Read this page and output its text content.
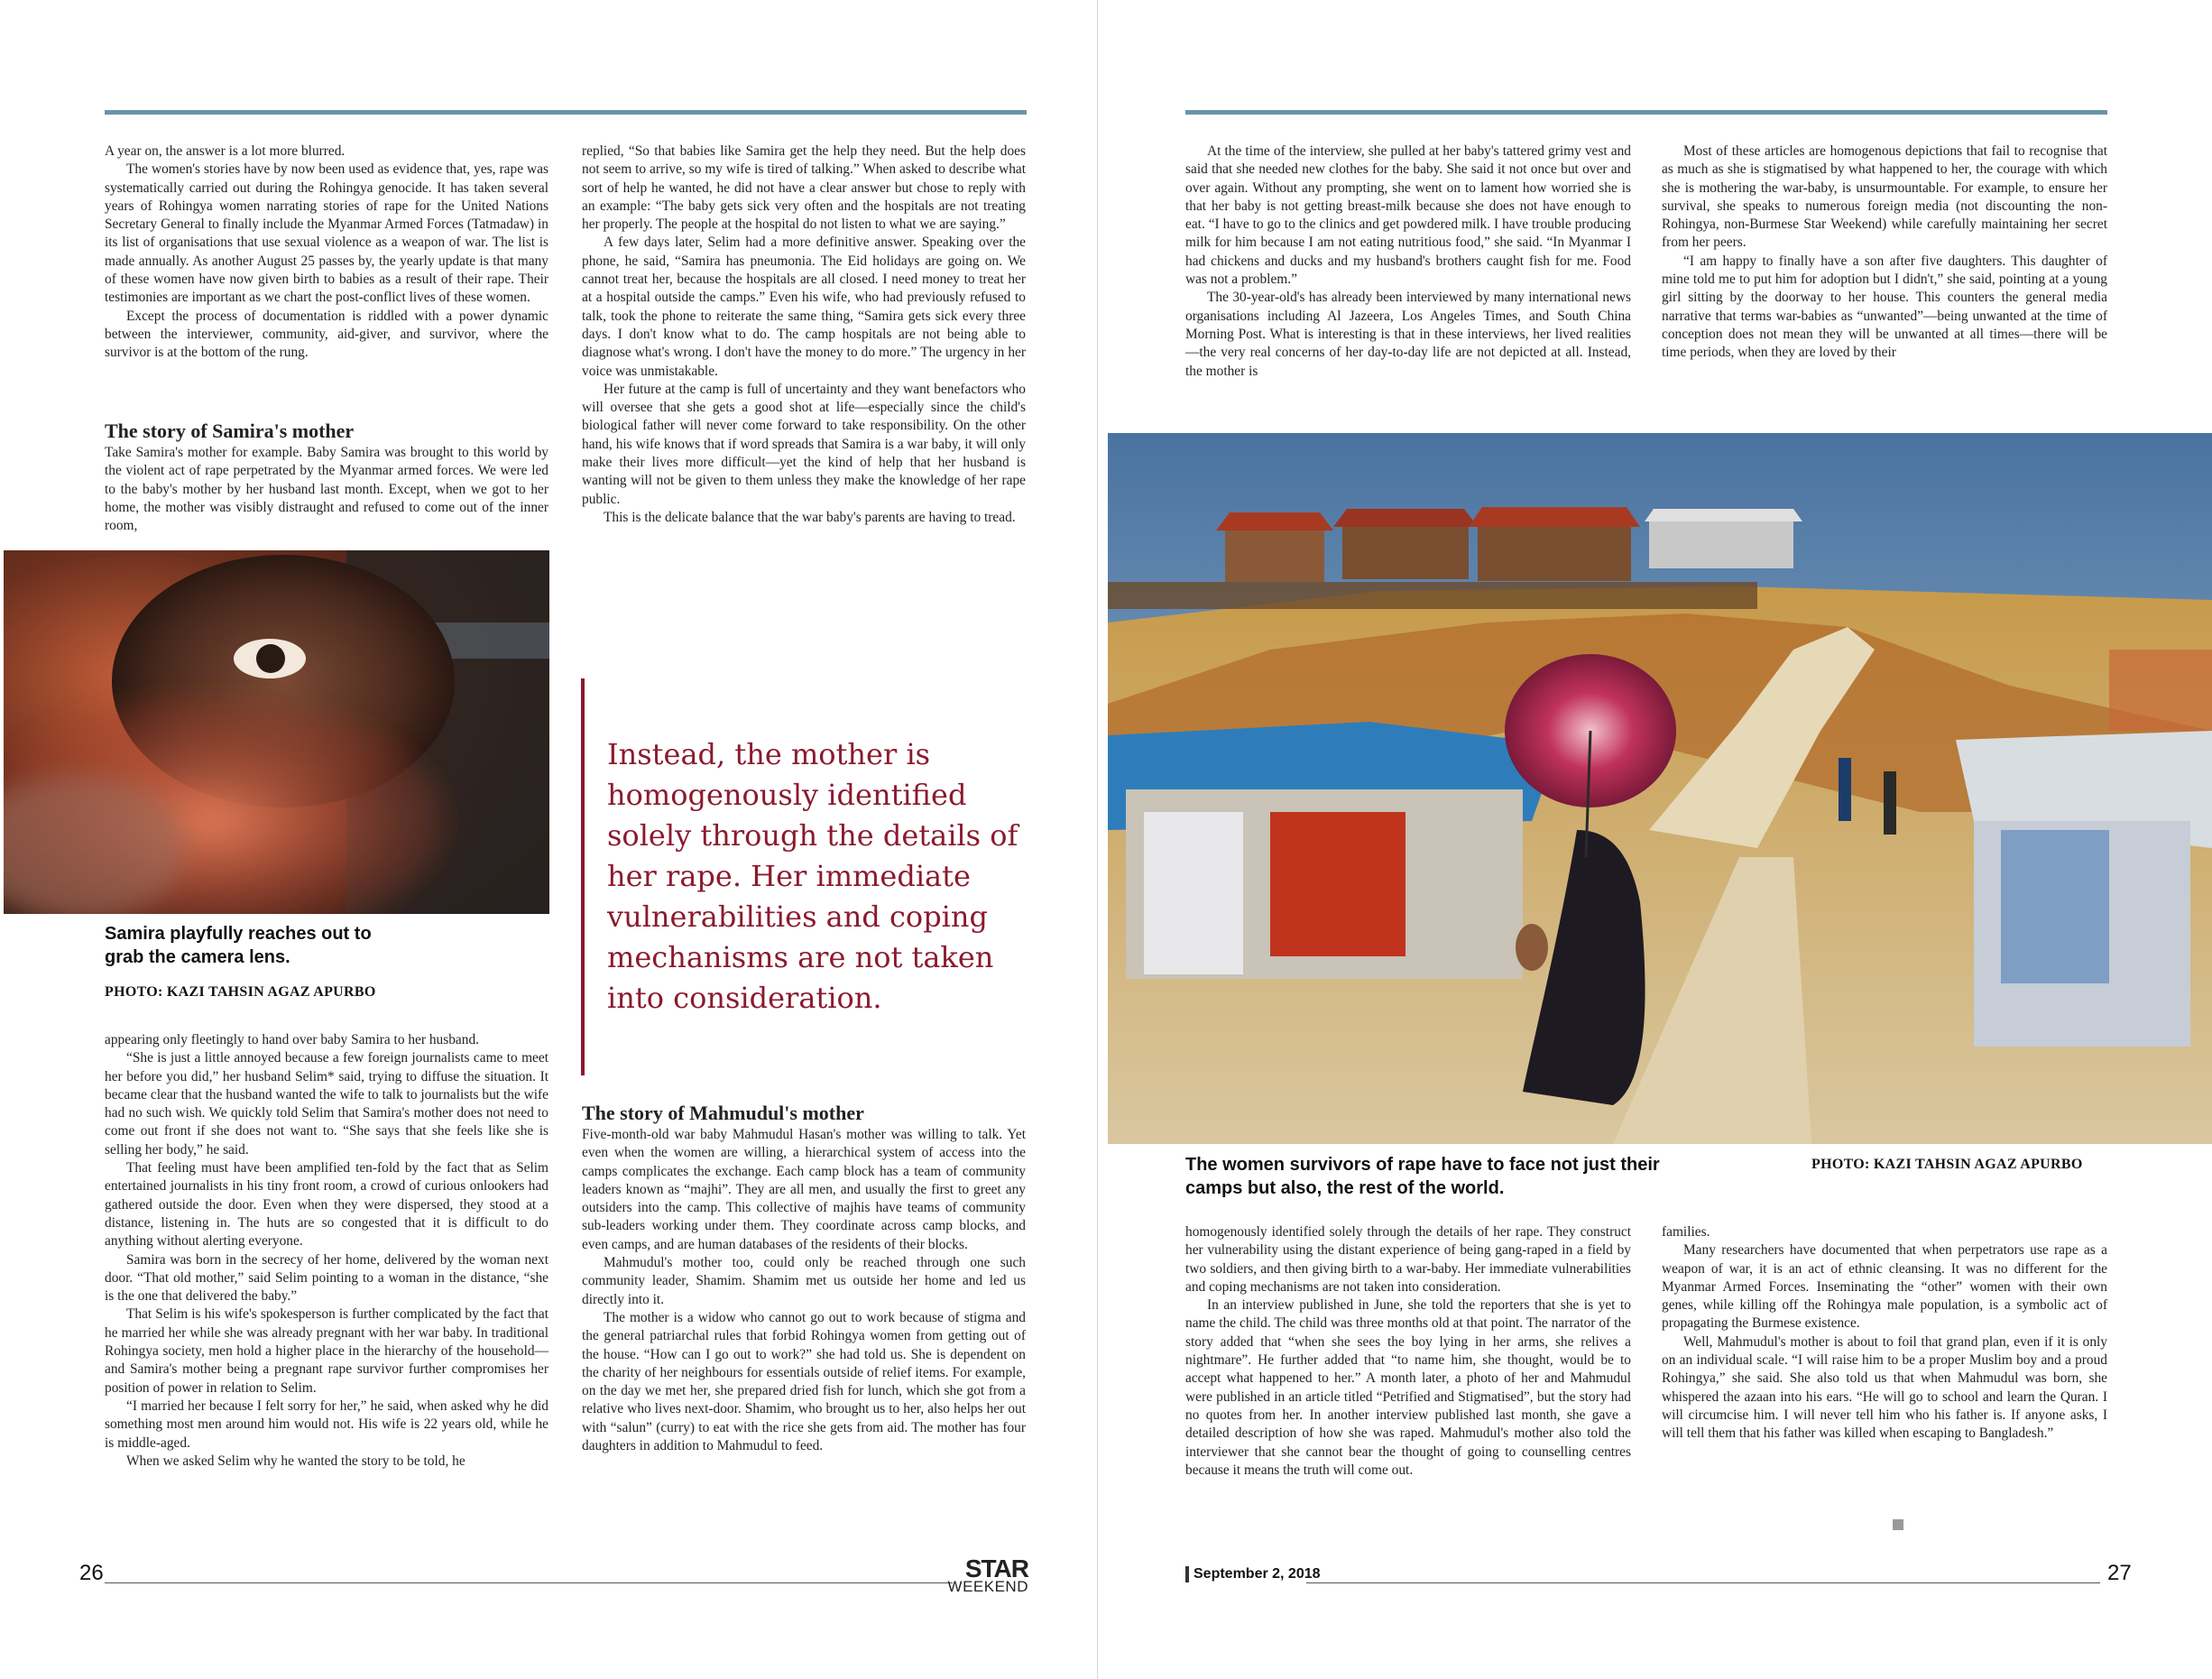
A year on, the answer is a lot more blurred.

The women's stories have by now been used as evidence that, yes, rape was systematically carried out during the Rohingya genocide. It has taken several years of Rohingya women narrating stories of rape for the United Nations Secretary General to finally include the Myanmar Armed Forces (Tatmadaw) in its list of organisations that use sexual violence as a weapon of war. The list is made annually. As another August 25 passes by, the yearly update is that many of these women have now given birth to babies as a result of their rape. Their testimonies are important as we chart the post-conflict lives of these women.

Except the process of documentation is riddled with a power dynamic between the interviewer, community, aid-giver, and survivor, where the survivor is at the bottom of the rung.

The story of Samira's mother

Take Samira's mother for example. Baby Samira was brought to this world by the violent act of rape perpetrated by the Myanmar armed forces. We were led to the baby's mother by her husband last month. Except, when we got to her home, the mother was visibly distraught and refused to come out of the inner room,

Samira playfully reaches out to grab the camera lens.
PHOTO: KAZI TAHSIN AGAZ APURBO

appearing only fleetingly to hand over baby Samira to her husband.

“She is just a little annoyed because a few foreign journalists came to meet her before you did,” her husband Selim* said, trying to diffuse the situation. It became clear that the husband wanted the wife to talk to journalists but the wife had no such wish. We quickly told Selim that Samira's mother does not need to come out front if she does not want to. “She says that she feels like she is selling her body,” he said.

That feeling must have been amplified ten-fold by the fact that as Selim entertained journalists in his tiny front room, a crowd of curious onlookers had gathered outside the door. Even when they were dispersed, they stood at a distance, listening in. The huts are so congested that it is difficult to do anything without alerting everyone.

Samira was born in the secrecy of her home, delivered by the woman next door. “That old mother,” said Selim pointing to a woman in the distance, “she is the one that delivered the baby.”

That Selim is his wife's spokesperson is further complicated by the fact that he married her while she was already pregnant with her war baby. In traditional Rohingya society, men hold a higher place in the hierarchy of the household—and Samira's mother being a pregnant rape survivor further compromises her position of power in relation to Selim.

“I married her because I felt sorry for her,” he said, when asked why he did something most men around him would not. His wife is 22 years old, while he is middle-aged.

When we asked Selim why he wanted the story to be told, he

replied, “So that babies like Samira get the help they need. But the help does not seem to arrive, so my wife is tired of talking.” When asked to describe what sort of help he wanted, he did not have a clear answer but chose to reply with an example: “The baby gets sick very often and the hospitals are not treating her properly. The people at the hospital do not listen to what we are saying.”

A few days later, Selim had a more definitive answer. Speaking over the phone, he said, “Samira has pneumonia. The Eid holidays are going on. We cannot treat her, because the hospitals are all closed. I need money to treat her at a hospital outside the camps.” Even his wife, who had previously refused to talk, took the phone to reiterate the same thing, “Samira gets sick every three days. I don't know what to do. The camp hospitals are not being able to diagnose what's wrong. I don't have the money to do more.” The urgency in her voice was unmistakable.

Her future at the camp is full of uncertainty and they want benefactors who will oversee that she gets a good shot at life—especially since the child's biological father will never come forward to take responsibility. On the other hand, his wife knows that if word spreads that Samira is a war baby, it will only make their lives more difficult—yet the kind of help that her husband is wanting will not be given to them unless they make the knowledge of her rape public.

This is the delicate balance that the war baby's parents are having to tread.

Instead, the mother is homogenously identified solely through the details of her rape. Her immediate vulnerabilities and coping mechanisms are not taken into consideration.
The story of Mahmudul's mother

Five-month-old war baby Mahmudul Hasan's mother was willing to talk. Yet even when the women are willing, a hierarchical system of access into the camps complicates the exchange. Each camp block has a team of community leaders known as “majhi”. They are all men, and usually the first to greet any outsiders into the camp. This collective of majhis have teams of community sub-leaders working under them. They coordinate across camp blocks, and even camps, and are human databases of the residents of their blocks.

Mahmudul's mother too, could only be reached through one such community leader, Shamim. Shamim met us outside her home and led us directly into it.

The mother is a widow who cannot go out to work because of stigma and the general patriarchal rules that forbid Rohingya women from getting out of the house. “How can I go out to work?” she had told us. She is dependent on the charity of her neighbours for essentials outside of relief items. For example, on the day we met her, she prepared dried fish for lunch, which she got from a relative who lives next-door. Shamim, who brought us to her, also helps her out with “salun” (curry) to eat with the rice she gets from aid. The mother has four daughters in addition to Mahmudul to feed.

26	STAR
WEEKEND

At the time of the interview, she pulled at her baby's tattered grimy vest and said that she needed new clothes for the baby. She said it not once but over and over again. Without any prompting, she went on to lament how worried she is that her baby is not getting breast-milk because she does not have enough to eat. “I have to go to the clinics and get powdered milk. I have trouble producing milk for him because I am not eating nutritious food,” she said. “In Myanmar I had chickens and ducks and my husband's brothers caught fish for me. Food was not a problem.”

The 30-year-old's has already been interviewed by many international news organisations including Al Jazeera, Los Angeles Times, and South China Morning Post. What is interesting is that in these interviews, her lived realities—the very real concerns of her day-to-day life are not depicted at all. Instead, the mother is

Most of these articles are homogenous depictions that fail to recognise that as much as she is stigmatised by what happened to her, the courage with which she is mothering the war-baby, is unsurmountable. For example, to ensure her survival, she speaks to numerous foreign media (not discounting the non-Rohingya, non-Burmese Star Weekend) while carefully maintaining her secret from her peers.

“I am happy to finally have a son after five daughters. This daughter of mine told me to put him for adoption but I didn't,” she said, pointing at a young girl sitting by the doorway to her house. This counters the general media narrative that terms war-babies as “unwanted”—being unwanted at the time of conception does not mean they will be unwanted at all times—there will be time periods, when they are loved by their

The women survivors of rape have to face not just their camps but also, the rest of the world.
PHOTO: KAZI TAHSIN AGAZ APURBO

homogenously identified solely through the details of her rape. They construct her vulnerability using the distant experience of being gang-raped in a field by two soldiers, and then giving birth to a war-baby. Her immediate vulnerabilities and coping mechanisms are not taken into consideration.

In an interview published in June, she told the reporters that she is yet to name the child. The child was three months old at that point. The narrator of the story added that “when she sees the boy lying in her arms, she relives a nightmare”. He further added that “to name him, she thought, would be to accept what happened to her.” A month later, a photo of her and Mahmudul were published in an article titled “Petrified and Stigmatised”, but the story had no quotes from her. In another interview published last month, she gave a detailed description of how she was raped. Mahmudul's mother also told the interviewer that she cannot bear the thought of going to counselling centres because it means the truth will come out.

families.

Many researchers have documented that when perpetrators use rape as a weapon of war, it is an act of ethnic cleansing. It was no different for the Myanmar Armed Forces. Inseminating the “other” women with their own genes, while killing off the Rohingya male population, is a symbolic act of propagating the Burmese existence.

Well, Mahmudul's mother is about to foil that grand plan, even if it is only on an individual scale. “I will raise him to be a proper Muslim boy and a proud Rohingya,” she said. She also told us that when Mahmudul was born, she whispered the azaan into his ears. “He will go to school and learn the Quran. I will circumcise him. I will never tell him who his father is. If anyone asks, I will tell them that his father was killed when escaping to Bangladesh.”

September 2, 2018	27
